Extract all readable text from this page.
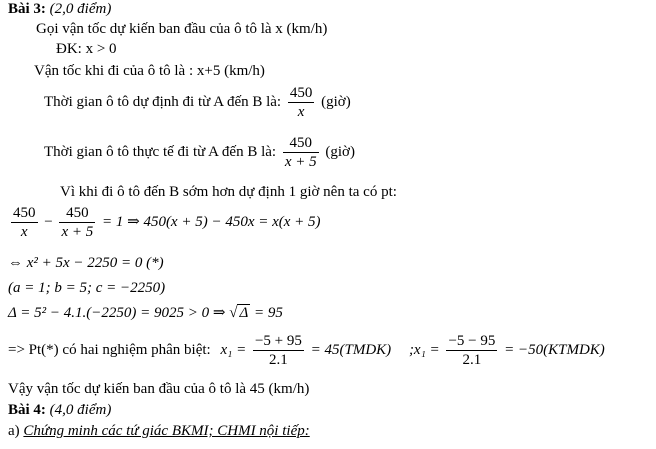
Bài 3: (2,0 điểm)
Gọi vận tốc dự kiến ban đầu của ô tô là x (km/h)
ĐK: x > 0
Vận tốc khi đi của ô tô là : x+5 (km/h)
Thời gian ô tô dự định đi từ A đến B là: $\frac{450}{x}$ (giờ)
Thời gian ô tô thực tế đi từ A đến B là: $\frac{450}{x + 5}$ (giờ)
Vì khi đi ô tô đến B sớm hơn dự định 1 giờ nên ta có pt:
$\frac{450}{x} - \frac{450}{x + 5} = 1$ ⇒ 450(x + 5) − 450x = x(x + 5)
⇔ x² + 5x − 2250 = 0 (*)
(a = 1; b = 5; c = −2250)
Δ = 5² − 4.1.(−2250) = 9025 > 0 ⇒ √ Δ = 95
=> Pt(*) có hai nghiệm phân biệt: $x_1 = \frac{-5 + 95}{2.1}$ = 45(TMDK) ;x₁ = $\frac{-5 - 95}{2.1}$ = −50(KTMDK)
Vậy vận tốc dự kiến ban đầu của ô tô là 45 (km/h)
Bài 4: (4,0 điểm)
a) Chứng minh các tứ giác BKMI; CHMI nội tiếp:
